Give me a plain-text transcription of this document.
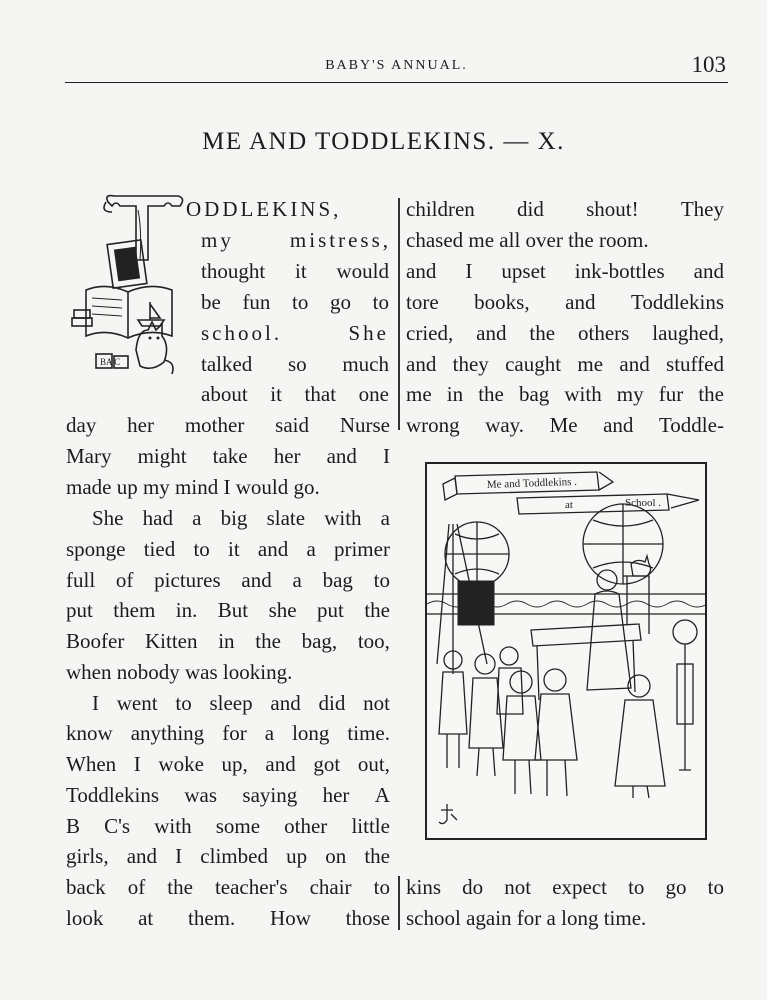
BABY'S ANNUAL.	103
ME AND TODDLEKINS. — X.
BA C
ODDLEKINS,
my	mistress,
thought it would
be fun to go to
school.	She
talked so much
about it that one
day her mother said Nurse
Mary might take her and I
made up my mind I would go.
She had a big slate with a
sponge tied to it and a primer
full of pictures and a bag to
put them in. But she put the
Boofer Kitten in the bag, too,
when nobody was looking.
I went to sleep and did not
know anything for a long time.
When I woke up, and got out,
Toddlekins was saying her A
B C's with some other little
girls, and I climbed up on the
back of the teacher's chair to
look at them. How those
children did shout! They
chased me all over the room.
and I upset ink-bottles and
tore books, and Toddlekins
cried, and the others laughed,
and they caught me and stuffed
me in the bag with my fur the
wrong way. Me and Toddle-
kins do not expect to go to
school again for a long time.
Me and Toddlekins .
at	School .
